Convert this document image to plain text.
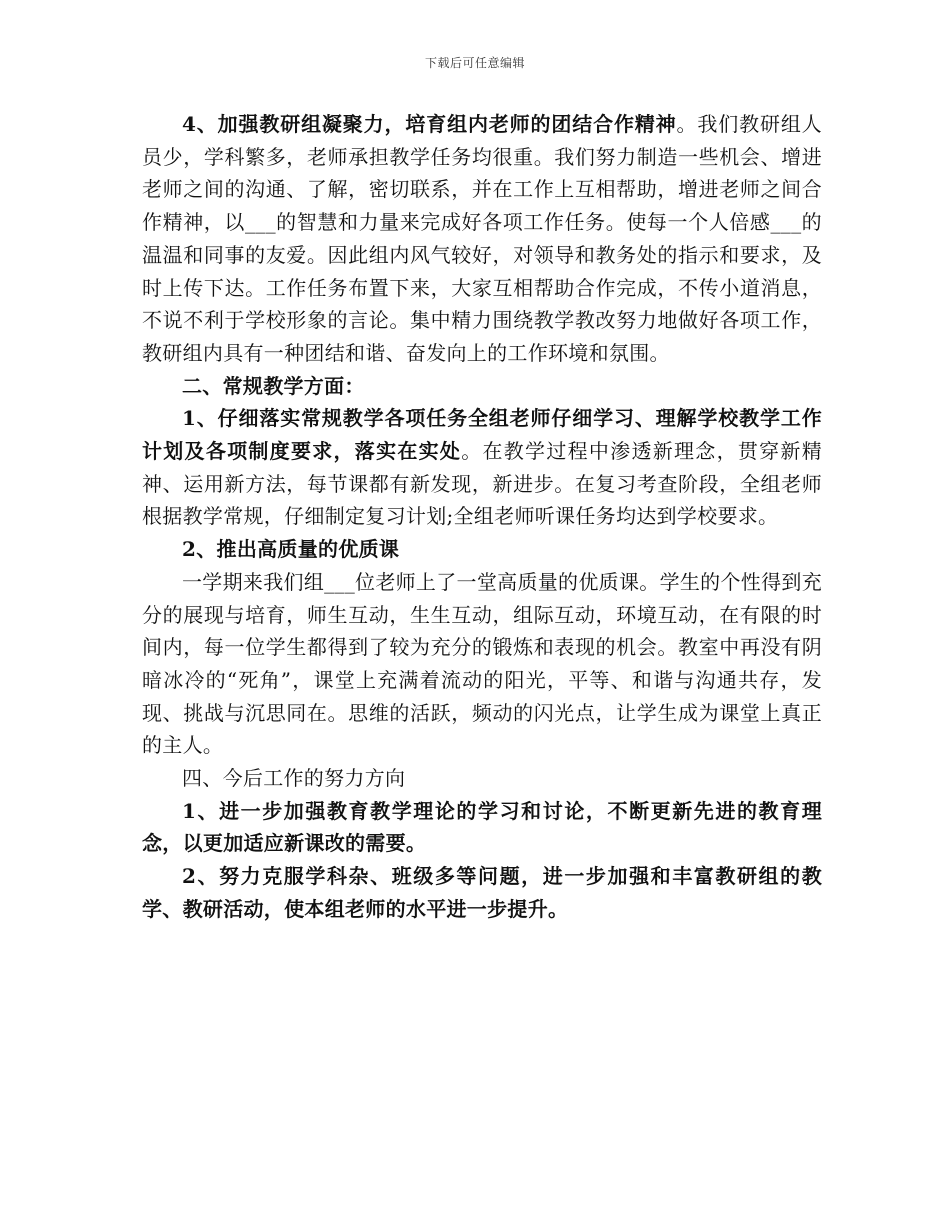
下载后可任意编辑

4、加强教研组凝聚力，培育组内老师的团结合作精神。我们教研组人员少，学科繁多，老师承担教学任务均很重。我们努力制造一些机会、增进老师之间的沟通、了解，密切联系，并在工作上互相帮助，增进老师之间合作精神，以___的智慧和力量来完成好各项工作任务。使每一个人倍感___的温温和同事的友爱。因此组内风气较好，对领导和教务处的指示和要求，及时上传下达。工作任务布置下来，大家互相帮助合作完成，不传小道消息，不说不利于学校形象的言论。集中精力围绕教学教改努力地做好各项工作，教研组内具有一种团结和谐、奋发向上的工作环境和氛围。

二、常规教学方面：

1、仔细落实常规教学各项任务全组老师仔细学习、理解学校教学工作计划及各项制度要求，落实在实处。在教学过程中渗透新理念，贯穿新精神、运用新方法，每节课都有新发现，新进步。在复习考查阶段，全组老师根据教学常规，仔细制定复习计划;全组老师听课任务均达到学校要求。

2、推出高质量的优质课

一学期来我们组___位老师上了一堂高质量的优质课。学生的个性得到充分的展现与培育，师生互动，生生互动，组际互动，环境互动，在有限的时间内，每一位学生都得到了较为充分的锻炼和表现的机会。教室中再没有阴暗冰冷的“死角”，课堂上充满着流动的阳光，平等、和谐与沟通共存，发现、挑战与沉思同在。思维的活跃，频动的闪光点，让学生成为课堂上真正的主人。

四、今后工作的努力方向

1、进一步加强教育教学理论的学习和讨论，不断更新先进的教育理念，以更加适应新课改的需要。

2、努力克服学科杂、班级多等问题，进一步加强和丰富教研组的教学、教研活动，使本组老师的水平进一步提升。
